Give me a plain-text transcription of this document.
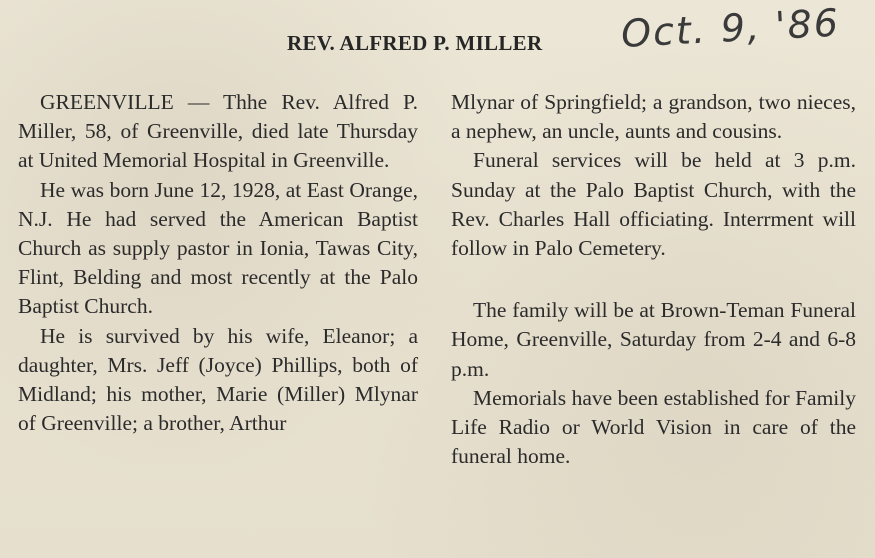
REV. ALFRED P. MILLER Oct. 9, '86

GREENVILLE — Thhe Rev. Alfred P. Miller, 58, of Greenville, died late Thursday at United Memorial Hospital in Greenville.

He was born June 12, 1928, at East Orange, N.J. He had served the American Baptist Church as supply pastor in Ionia, Tawas City, Flint, Belding and most recently at the Palo Baptist Church.

He is survived by his wife, Eleanor; a daughter, Mrs. Jeff (Joyce) Phillips, both of Midland; his mother, Marie (Miller) Mlynar of Greenville; a brother, Arthur

Mlynar of Springfield; a grandson, two nieces, a nephew, an uncle, aunts and cousins.

Funeral services will be held at 3 p.m. Sunday at the Palo Baptist Church, with the Rev. Charles Hall officiating. Interrment will follow in Palo Cemetery.

The family will be at Brown-Teman Funeral Home, Greenville, Saturday from 2-4 and 6-8 p.m.

Memorials have been established for Family Life Radio or World Vision in care of the funeral home.
